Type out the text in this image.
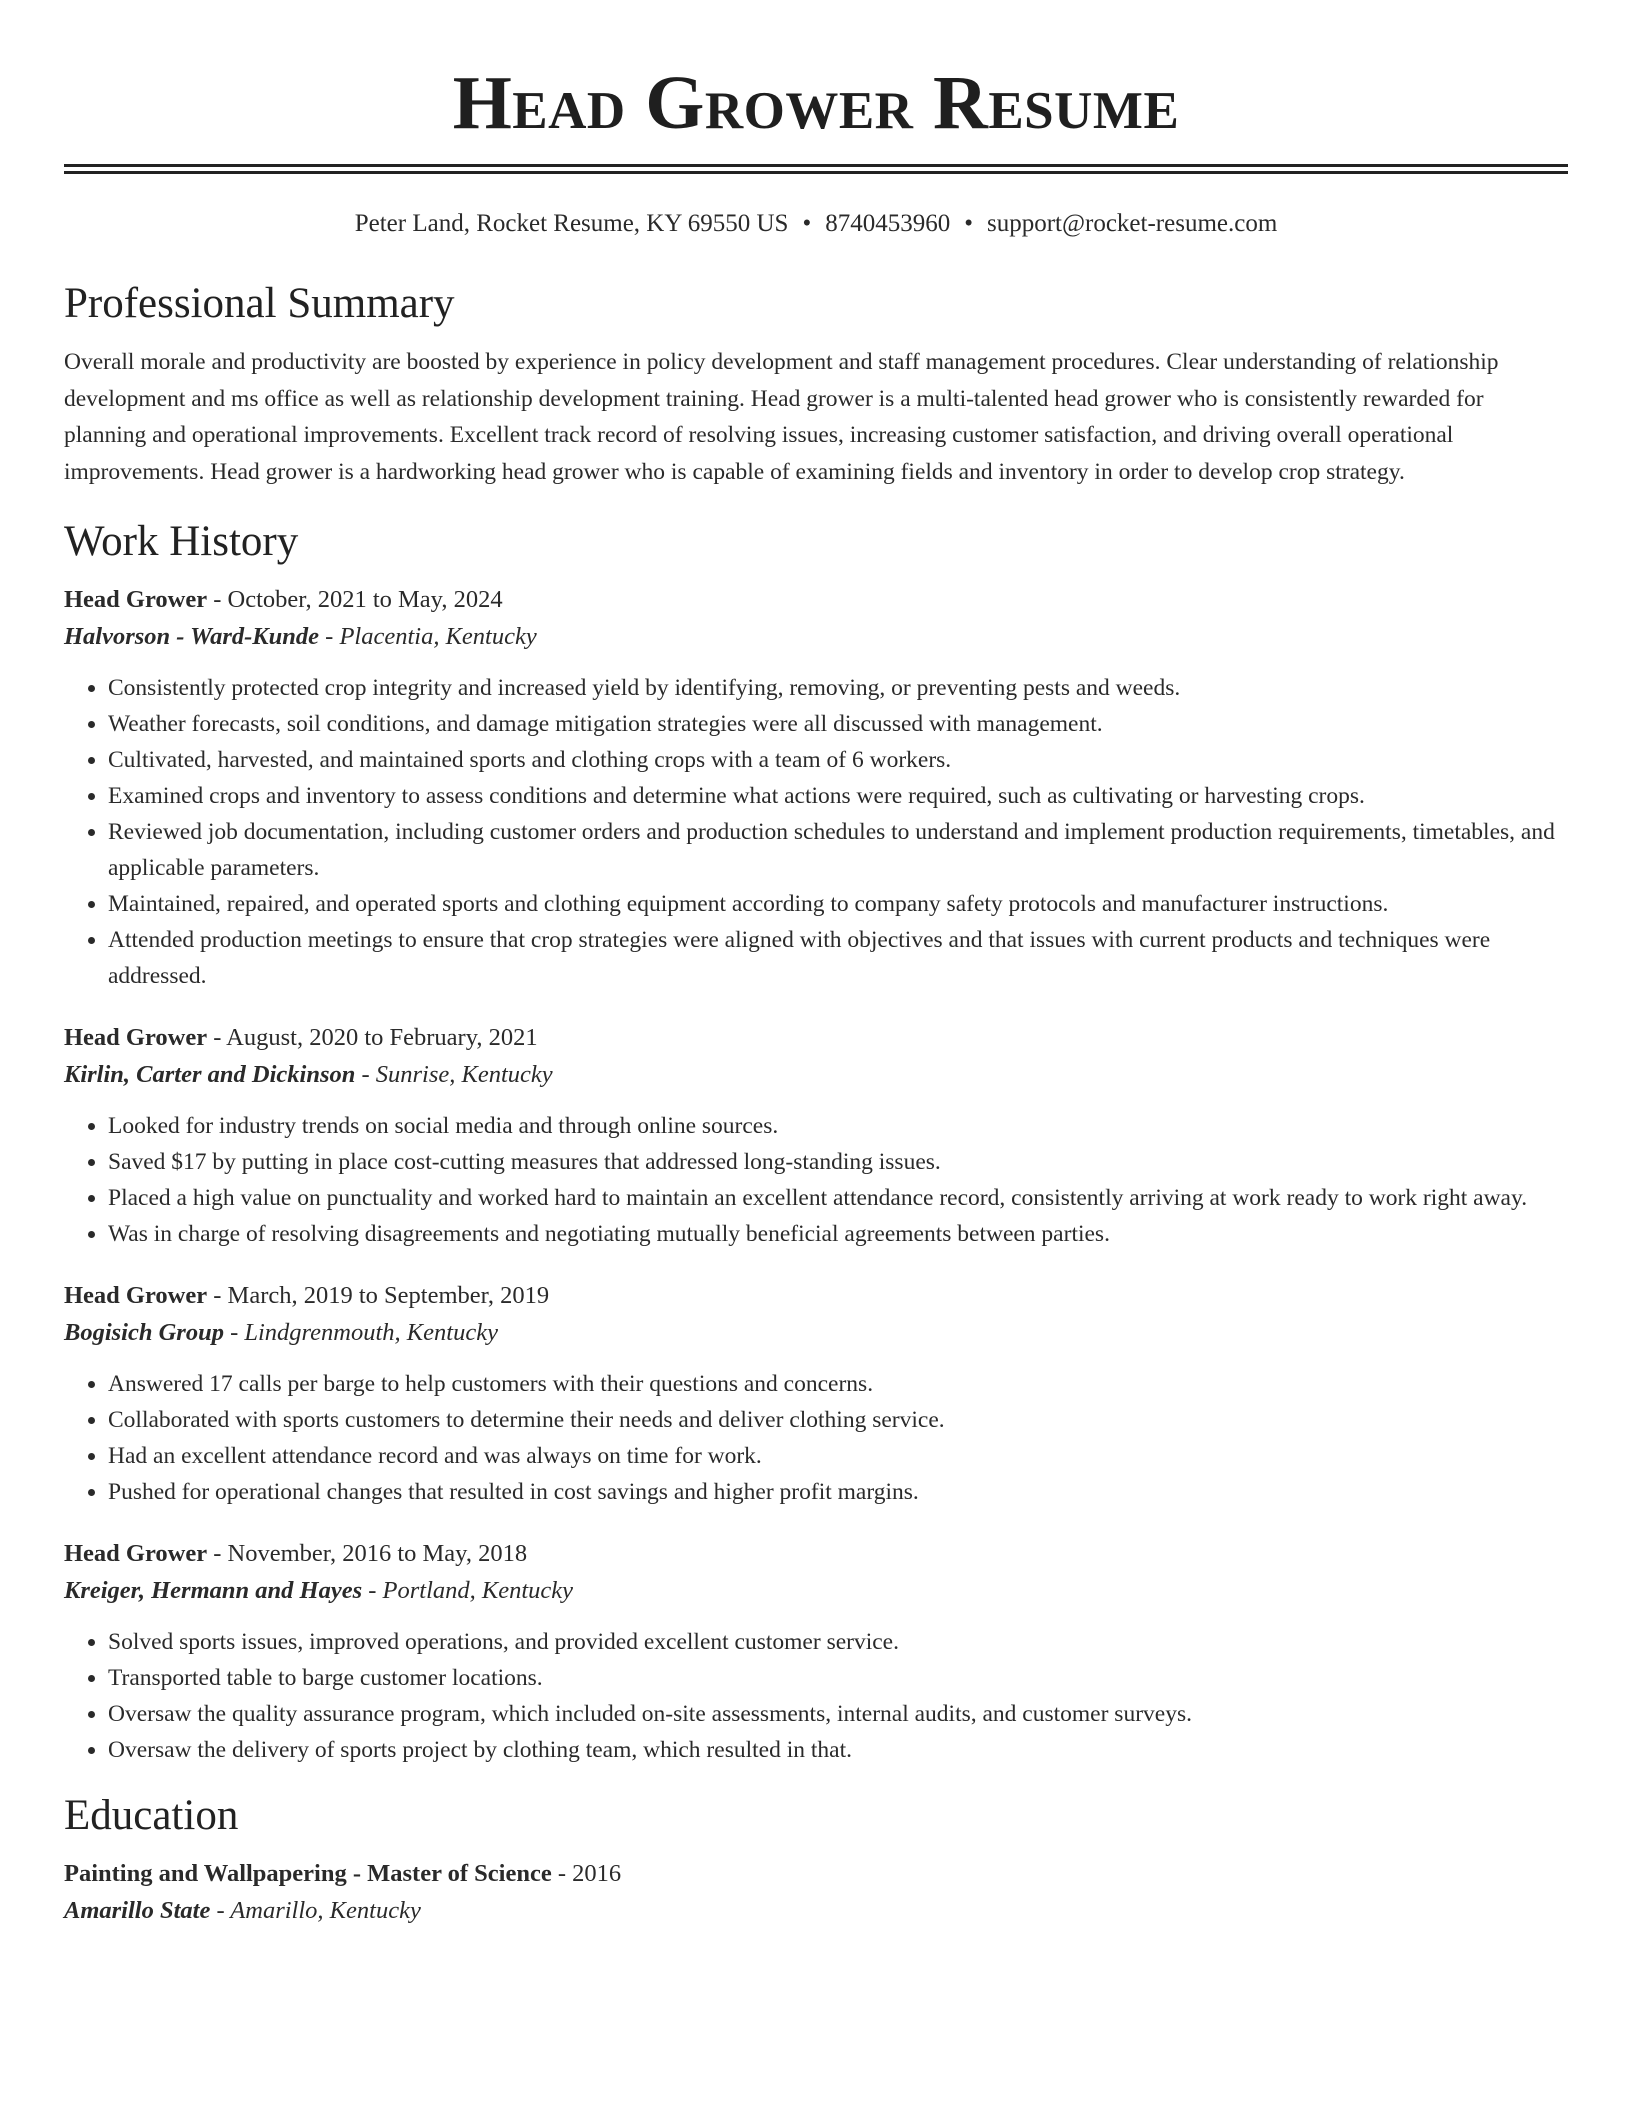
Head Grower Resume
Peter Land, Rocket Resume, KY 69550 US • 8740453960 • support@rocket-resume.com
Professional Summary
Overall morale and productivity are boosted by experience in policy development and staff management procedures. Clear understanding of relationship development and ms office as well as relationship development training. Head grower is a multi-talented head grower who is consistently rewarded for planning and operational improvements. Excellent track record of resolving issues, increasing customer satisfaction, and driving overall operational improvements. Head grower is a hardworking head grower who is capable of examining fields and inventory in order to develop crop strategy.
Work History
Head Grower - October, 2021 to May, 2024
Halvorson - Ward-Kunde - Placentia, Kentucky
• Consistently protected crop integrity and increased yield by identifying, removing, or preventing pests and weeds.
• Weather forecasts, soil conditions, and damage mitigation strategies were all discussed with management.
• Cultivated, harvested, and maintained sports and clothing crops with a team of 6 workers.
• Examined crops and inventory to assess conditions and determine what actions were required, such as cultivating or harvesting crops.
• Reviewed job documentation, including customer orders and production schedules to understand and implement production requirements, timetables, and applicable parameters.
• Maintained, repaired, and operated sports and clothing equipment according to company safety protocols and manufacturer instructions.
• Attended production meetings to ensure that crop strategies were aligned with objectives and that issues with current products and techniques were addressed.
Head Grower - August, 2020 to February, 2021
Kirlin, Carter and Dickinson - Sunrise, Kentucky
• Looked for industry trends on social media and through online sources.
• Saved $17 by putting in place cost-cutting measures that addressed long-standing issues.
• Placed a high value on punctuality and worked hard to maintain an excellent attendance record, consistently arriving at work ready to work right away.
• Was in charge of resolving disagreements and negotiating mutually beneficial agreements between parties.
Head Grower - March, 2019 to September, 2019
Bogisich Group - Lindgrenmouth, Kentucky
• Answered 17 calls per barge to help customers with their questions and concerns.
• Collaborated with sports customers to determine their needs and deliver clothing service.
• Had an excellent attendance record and was always on time for work.
• Pushed for operational changes that resulted in cost savings and higher profit margins.
Head Grower - November, 2016 to May, 2018
Kreiger, Hermann and Hayes - Portland, Kentucky
• Solved sports issues, improved operations, and provided excellent customer service.
• Transported table to barge customer locations.
• Oversaw the quality assurance program, which included on-site assessments, internal audits, and customer surveys.
• Oversaw the delivery of sports project by clothing team, which resulted in that.
Education
Painting and Wallpapering - Master of Science - 2016
Amarillo State - Amarillo, Kentucky
